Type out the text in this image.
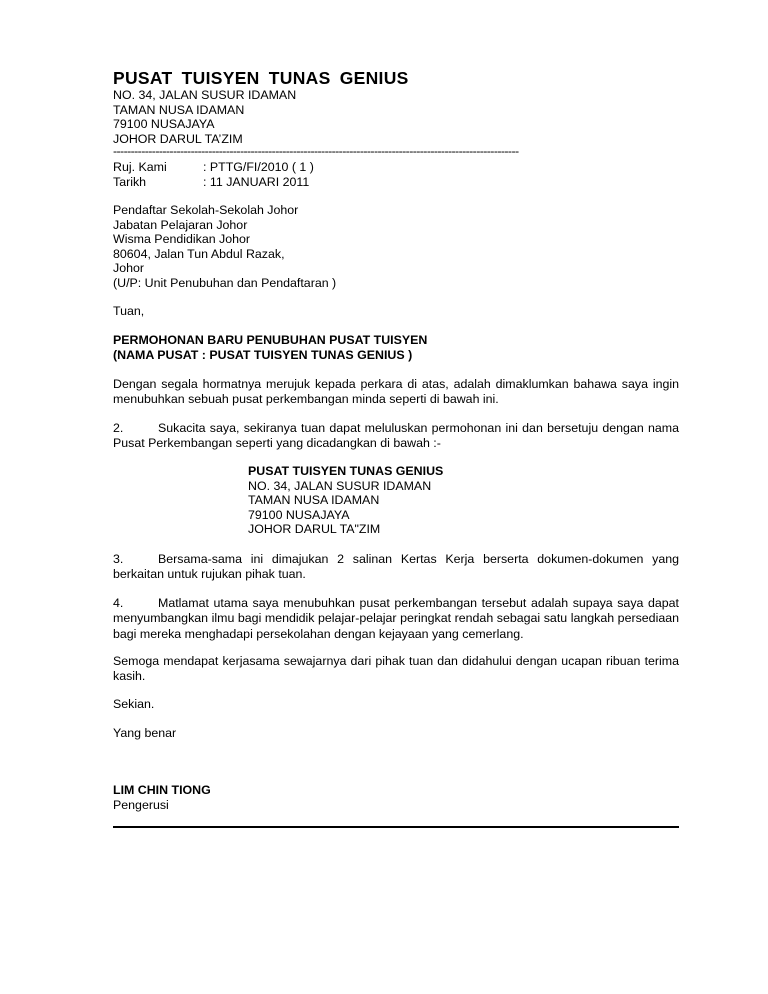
PUSAT TUISYEN TUNAS GENIUS
NO. 34, JALAN SUSUR IDAMAN
TAMAN NUSA IDAMAN
79100 NUSAJAYA
JOHOR DARUL TA’ZIM
-------------------------------------------------------------------------------------------------------------------
Ruj. Kami	: PTTG/FI/2010 ( 1 )
Tarikh	: 11 JANUARI 2011
Pendaftar Sekolah-Sekolah Johor
Jabatan Pelajaran Johor
Wisma Pendidikan Johor
80604, Jalan Tun Abdul Razak,
Johor
(U/P: Unit Penubuhan dan Pendaftaran )
Tuan,
PERMOHONAN BARU PENUBUHAN PUSAT TUISYEN
(NAMA PUSAT : PUSAT TUISYEN TUNAS GENIUS )
Dengan segala hormatnya merujuk kepada perkara di atas, adalah dimaklumkan bahawa saya ingin menubuhkan sebuah pusat perkembangan minda seperti di bawah ini.
2.	Sukacita saya, sekiranya tuan dapat meluluskan permohonan ini dan bersetuju dengan nama Pusat Perkembangan seperti yang dicadangkan di bawah :-
PUSAT TUISYEN TUNAS GENIUS
NO. 34, JALAN SUSUR IDAMAN
TAMAN NUSA IDAMAN
79100 NUSAJAYA
JOHOR DARUL TA"ZIM
3.	Bersama-sama ini dimajukan 2 salinan Kertas Kerja berserta dokumen-dokumen yang berkaitan untuk rujukan pihak tuan.
4.	Matlamat utama saya menubuhkan pusat perkembangan tersebut adalah supaya saya dapat menyumbangkan ilmu bagi mendidik pelajar-pelajar peringkat rendah sebagai satu langkah persediaan bagi mereka menghadapi persekolahan dengan kejayaan yang cemerlang.
Semoga mendapat kerjasama sewajarnya dari pihak tuan dan didahului dengan ucapan ribuan terima kasih.
Sekian.
Yang benar
LIM CHIN TIONG
Pengerusi
